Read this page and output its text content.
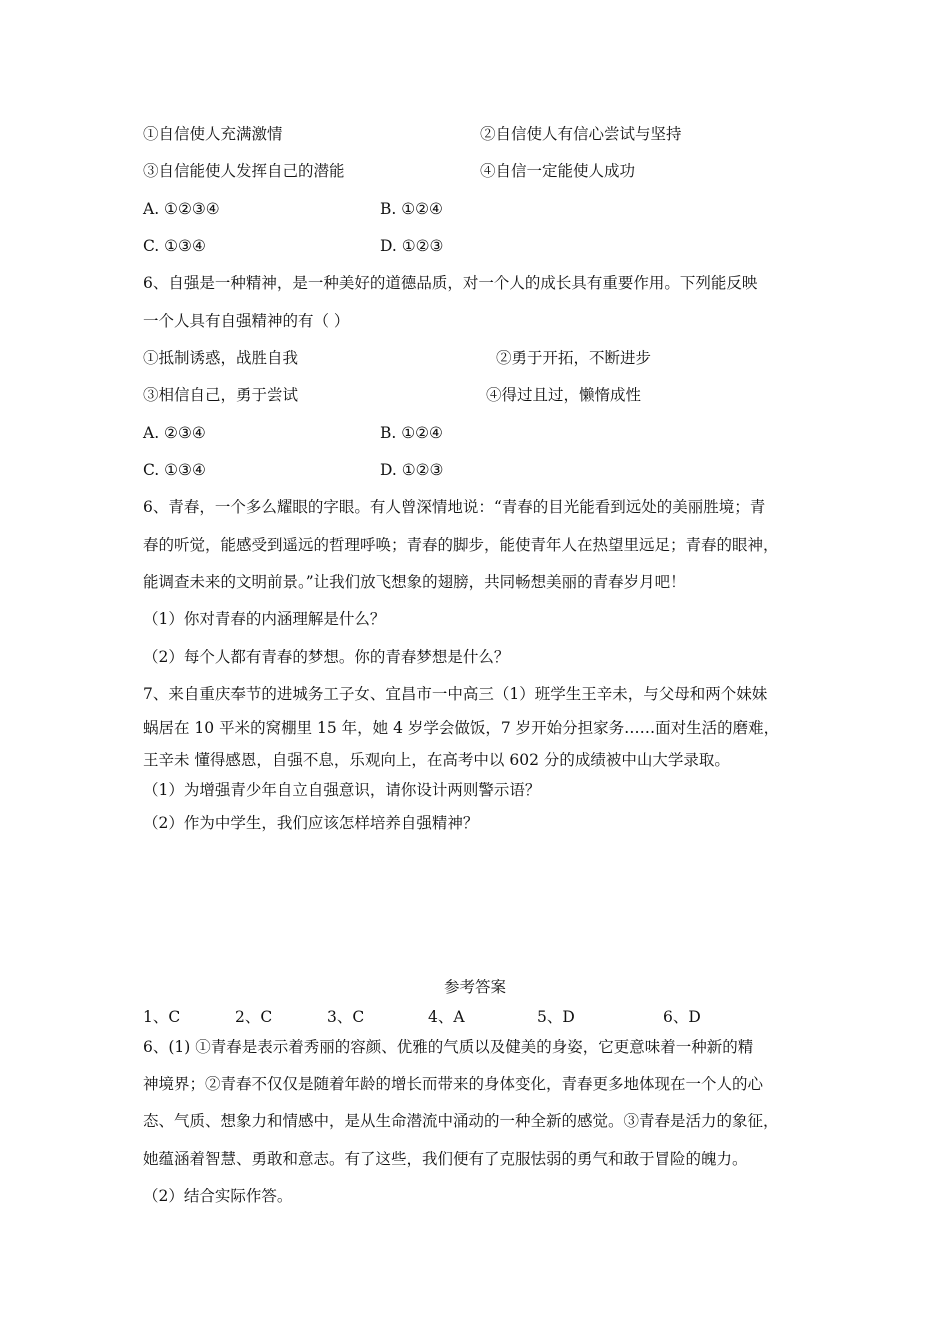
①自信使人充满激情	②自信使人有信心尝试与坚持
③自信能使人发挥自己的潜能	④自信一定能使人成功
A. ①②③④	B. ①②④
C. ①③④	D. ①②③
6、自强是一种精神，是一种美好的道德品质，对一个人的成长具有重要作用。下列能反映
一个人具有自强精神的有（ ）
①抵制诱惑，战胜自我	②勇于开拓，不断进步
③相信自己，勇于尝试	④得过且过，懒惰成性
A. ②③④	B. ①②④
C. ①③④	D. ①②③
6、青春，一个多么耀眼的字眼。有人曾深情地说：“青春的目光能看到远处的美丽胜境；青
春的听觉，能感受到遥远的哲理呼唤；青春的脚步，能使青年人在热望里远足；青春的眼神，
能调查未来的文明前景。”让我们放飞想象的翅膀，共同畅想美丽的青春岁月吧！
（1）你对青春的内涵理解是什么？
（2）每个人都有青春的梦想。你的青春梦想是什么？
7、来自重庆奉节的进城务工子女、宜昌市一中高三（1）班学生王辛未，与父母和两个妹妹
蜗居在 10 平米的窝棚里 15 年，她 4 岁学会做饭，7 岁开始分担家务……面对生活的磨难，
王辛未 懂得感恩，自强不息，乐观向上，在高考中以 602 分的成绩被中山大学录取。
（1）为增强青少年自立自强意识，请你设计两则警示语？
（2）作为中学生，我们应该怎样培养自强精神？
参考答案
1、C	2、C	3、C	4、A	5、D	6、D
6、(1) ①青春是表示着秀丽的容颜、优雅的气质以及健美的身姿，它更意味着一种新的精
神境界；②青春不仅仅是随着年龄的增长而带来的身体变化，青春更多地体现在一个人的心
态、气质、想象力和情感中，是从生命潜流中涌动的一种全新的感觉。③青春是活力的象征，
她蕴涵着智慧、勇敢和意志。有了这些，我们便有了克服怯弱的勇气和敢于冒险的魄力。
（2）结合实际作答。
